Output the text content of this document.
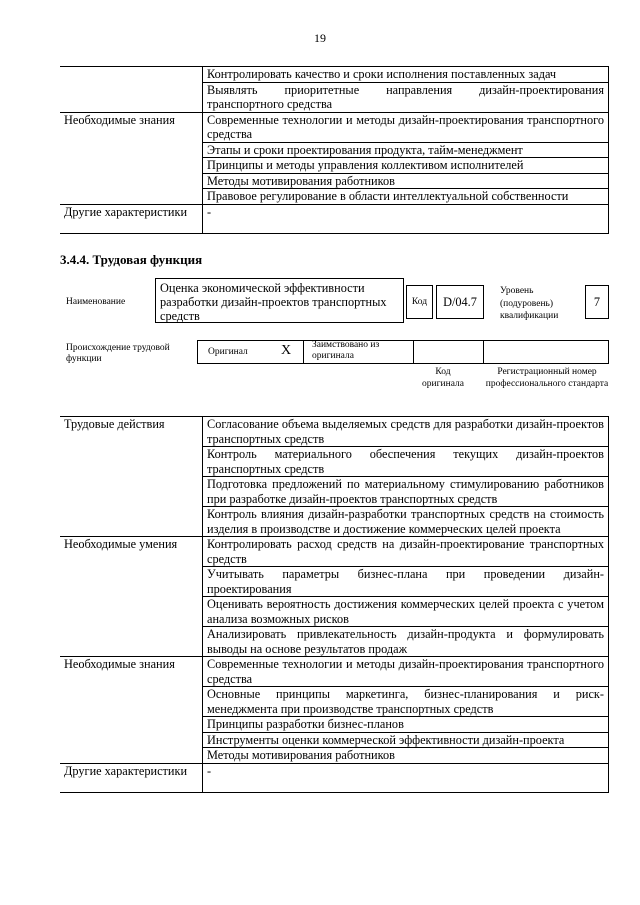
19
	Контролировать качество и сроки исполнения поставленных задач
	Выявлять приоритетные направления дизайн-проектирования транспортного средства
Необходимые знания	Современные технологии и методы дизайн-проектирования транспортного средства
	Этапы и сроки проектирования продукта, тайм-менеджмент
	Принципы и методы управления коллективом исполнителей
	Методы мотивирования работников
	Правовое регулирование в области интеллектуальной собственности
Другие характеристики	-
3.4.4. Трудовая функция
Наименование
Оценка экономической эффективности разработки дизайн-проектов транспортных средств
Код	D/04.7
Уровень (подуровень) квалификации
7
Происхождение трудовой функции
Оригинал X Заимствовано из оригинала
Код оригинала
Регистрационный номер профессионального стандарта
Трудовые действия	Согласование объема выделяемых средств для разработки дизайн-проектов транспортных средств
	Контроль материального обеспечения текущих дизайн-проектов транспортных средств
	Подготовка предложений по материальному стимулированию работников при разработке дизайн-проектов транспортных средств
	Контроль влияния дизайн-разработки транспортных средств на стоимость изделия в производстве и достижение коммерческих целей проекта
Необходимые умения	Контролировать расход средств на дизайн-проектирование транспортных средств
	Учитывать параметры бизнес-плана при проведении дизайн-проектирования
	Оценивать вероятность достижения коммерческих целей проекта с учетом анализа возможных рисков
	Анализировать привлекательность дизайн-продукта и формулировать выводы на основе результатов продаж
Необходимые знания	Современные технологии и методы дизайн-проектирования транспортного средства
	Основные принципы маркетинга, бизнес-планирования и риск-менеджмента при производстве транспортных средств
	Принципы разработки бизнес-планов
	Инструменты оценки коммерческой эффективности дизайн-проекта
	Методы мотивирования работников
Другие характеристики	-
